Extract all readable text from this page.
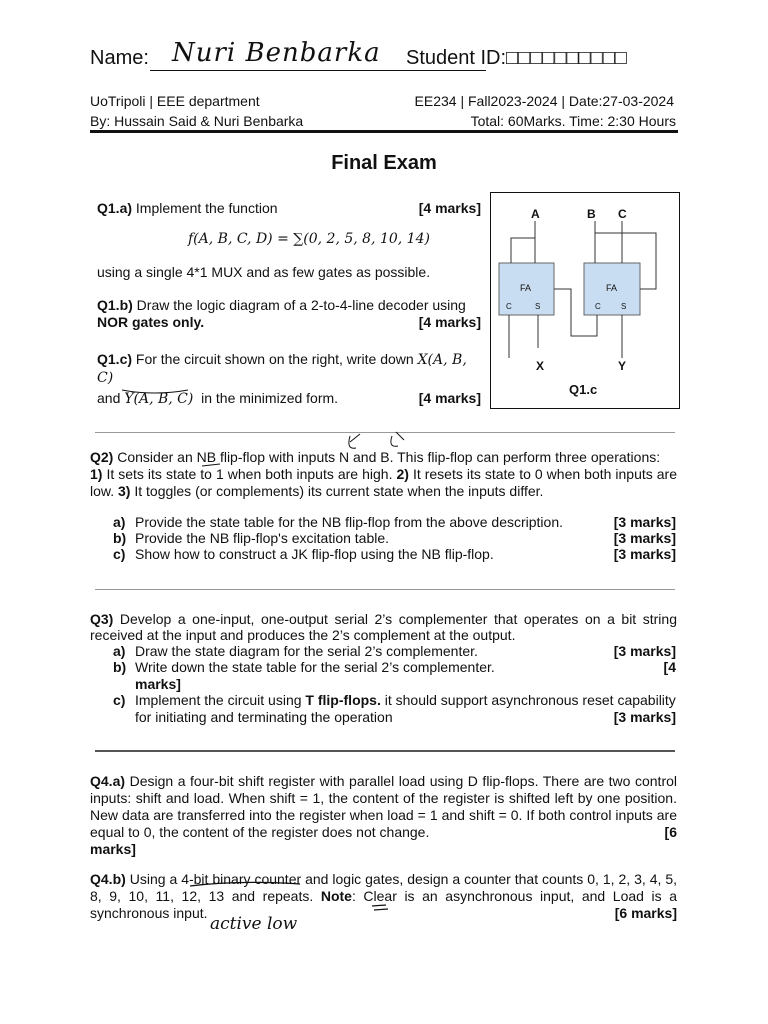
Name: Nuri Benbarka Student ID:□□□□□□□□□□
UoTripoli | EEE department	EE234 | Fall2023-2024 | Date:27-03-2024
By: Hussain Said & Nuri Benbarka	Total: 60Marks. Time: 2:30 Hours
Final Exam
Q1.a) Implement the function	[4 marks]
f(A, B, C, D) = ∑(0, 2, 5, 8, 10, 14)
using a single 4*1 MUX and as few gates as possible.
Q1.b) Draw the logic diagram of a 2-to-4-line decoder using
NOR gates only.	[4 marks]
Q1.c) For the circuit shown on the right, write down X(A, B, C)
and Y(A, B, C) in the minimized form.	[4 marks]
A	B C
FA	FA
C	S	C	S
X	Y
Q1.c
Q2) Consider an NB flip-flop with inputs N and B. This flip-flop can perform three operations:
1) It sets its state to 1 when both inputs are high. 2) It resets its state to 0 when both inputs are
low. 3) It toggles (or complements) its current state when the inputs differ.
a) Provide the state table for the NB flip-flop from the above description.	[3 marks]
b) Provide the NB flip-flop's excitation table.	[3 marks]
c) Show how to construct a JK flip-flop using the NB flip-flop.	[3 marks]
Q3) Develop a one-input, one-output serial 2’s complementer that operates on a bit string
received at the input and produces the 2’s complement at the output.
a) Draw the state diagram for the serial 2’s complementer.	[3 marks]
b) Write down the state table for the serial 2’s complementer.	[4
marks]
c) Implement the circuit using T flip-flops. it should support asynchronous reset capability
for initiating and terminating the operation	[3 marks]
Q4.a) Design a four-bit shift register with parallel load using D flip-flops. There are two control
inputs: shift and load. When shift = 1, the content of the register is shifted left by one position.
New data are transferred into the register when load = 1 and shift = 0. If both control inputs are
equal to 0, the content of the register does not change.	[6
marks]
Q4.b) Using a 4-bit binary counter and logic gates, design a counter that counts 0, 1, 2, 3, 4, 5,
8, 9, 10, 11, 12, 13 and repeats. Note: Clear is an asynchronous input, and Load is a
synchronous input.	[6 marks]
active low
